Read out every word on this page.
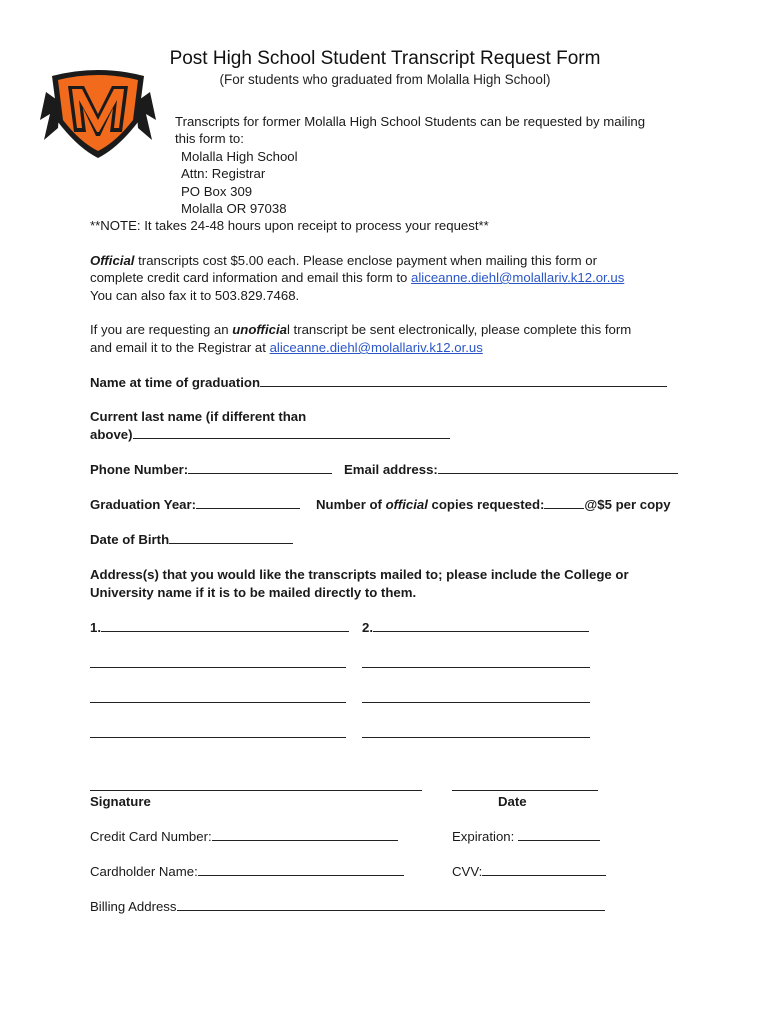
Post High School Student Transcript Request Form
(For students who graduated from Molalla High School)
Transcripts for former Molalla High School Students can be requested by mailing
this form to:
Molalla High School
Attn: Registrar
PO Box 309
Molalla OR 97038
**NOTE: It takes 24-48 hours upon receipt to process your request**
Official transcripts cost $5.00 each. Please enclose payment when mailing this form or
complete credit card information and email this form to aliceanne.diehl@molallariv.k12.or.us
You can also fax it to 503.829.7468.
If you are requesting an unofficial transcript be sent electronically, please complete this form
and email it to the Registrar at aliceanne.diehl@molallariv.k12.or.us
Name at time of graduation
Current last name (if different than
above)
Phone Number:	Email address:
Graduation Year:	Number of official copies requested:	@$5 per copy
Date of Birth
Address(s) that you would like the transcripts mailed to; please include the College or
University name if it is to be mailed directly to them.
1.	2.
Signature	Date
Credit Card Number:	Expiration:
Cardholder Name:	CVV:
Billing Address
